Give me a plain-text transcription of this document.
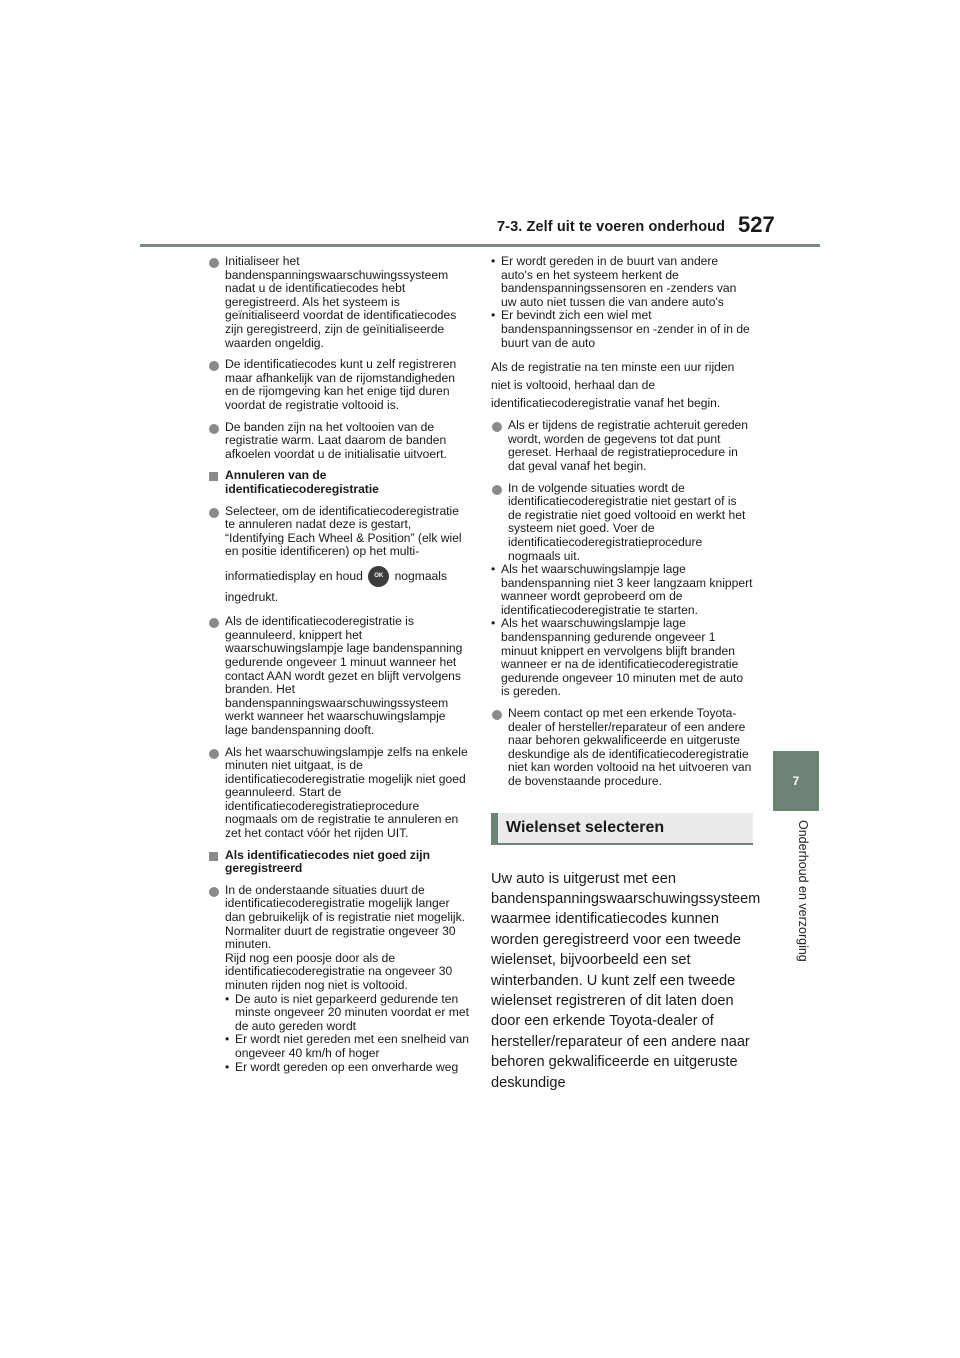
7-3. Zelf uit te voeren onderhoud 527
7
Onderhoud en verzorging
Initialiseer het bandenspanningswaarschuwingssysteem nadat u de identificatiecodes hebt geregistreerd. Als het systeem is geïnitialiseerd voordat de identificatiecodes zijn geregistreerd, zijn de geïnitialiseerde waarden ongeldig.
De identificatiecodes kunt u zelf registreren maar afhankelijk van de rijomstandigheden en de rijomgeving kan het enige tijd duren voordat de registratie voltooid is.
De banden zijn na het voltooien van de registratie warm. Laat daarom de banden afkoelen voordat u de initialisatie uitvoert.
Annuleren van de identificatiecoderegistratie
Selecteer, om de identificatiecoderegistratie te annuleren nadat deze is gestart, “Identifying Each Wheel & Position” (elk wiel en positie identificeren) op het multi-
informatiedisplay en houd OK nogmaals ingedrukt.
Als de identificatiecoderegistratie is geannuleerd, knippert het waarschuwingslampje lage bandenspanning gedurende ongeveer 1 minuut wanneer het contact AAN wordt gezet en blijft vervolgens branden. Het bandenspanningswaarschuwingssysteem werkt wanneer het waarschuwingslampje lage bandenspanning dooft.
Als het waarschuwingslampje zelfs na enkele minuten niet uitgaat, is de identificatiecoderegistratie mogelijk niet goed geannuleerd. Start de identificatiecoderegistratieprocedure nogmaals om de registratie te annuleren en zet het contact vóór het rijden UIT.
Als identificatiecodes niet goed zijn geregistreerd
In de onderstaande situaties duurt de identificatiecoderegistratie mogelijk langer dan gebruikelijk of is registratie niet mogelijk. Normaliter duurt de registratie ongeveer 30 minuten.
Rijd nog een poosje door als de identificatiecoderegistratie na ongeveer 30 minuten rijden nog niet is voltooid.
• De auto is niet geparkeerd gedurende ten minste ongeveer 20 minuten voordat er met de auto gereden wordt
• Er wordt niet gereden met een snelheid van ongeveer 40 km/h of hoger
• Er wordt gereden op een onverharde weg
• Er wordt gereden in de buurt van andere auto's en het systeem herkent de bandenspanningssensoren en -zenders van uw auto niet tussen die van andere auto's
• Er bevindt zich een wiel met bandenspanningssensor en -zender in of in de buurt van de auto
Als de registratie na ten minste een uur rijden niet is voltooid, herhaal dan de identificatiecoderegistratie vanaf het begin.
Als er tijdens de registratie achteruit gereden wordt, worden de gegevens tot dat punt gereset. Herhaal de registratieprocedure in dat geval vanaf het begin.
In de volgende situaties wordt de identificatiecoderegistratie niet gestart of is de registratie niet goed voltooid en werkt het systeem niet goed. Voer de identificatiecoderegistratieprocedure nogmaals uit.
• Als het waarschuwingslampje lage bandenspanning niet 3 keer langzaam knippert wanneer wordt geprobeerd om de identificatiecoderegistratie te starten.
• Als het waarschuwingslampje lage bandenspanning gedurende ongeveer 1 minuut knippert en vervolgens blijft branden wanneer er na de identificatiecoderegistratie gedurende ongeveer 10 minuten met de auto is gereden.
Neem contact op met een erkende Toyota-dealer of hersteller/reparateur of een andere naar behoren gekwalificeerde en uitgeruste deskundige als de identificatiecoderegistratie niet kan worden voltooid na het uitvoeren van de bovenstaande procedure.
Wielenset selecteren
Uw auto is uitgerust met een bandenspanningswaarschuwingssysteem waarmee identificatiecodes kunnen worden geregistreerd voor een tweede wielenset, bijvoorbeeld een set winterbanden. U kunt zelf een tweede wielenset registreren of dit laten doen door een erkende Toyota-dealer of hersteller/reparateur of een andere naar behoren gekwalificeerde en uitgeruste deskundige
